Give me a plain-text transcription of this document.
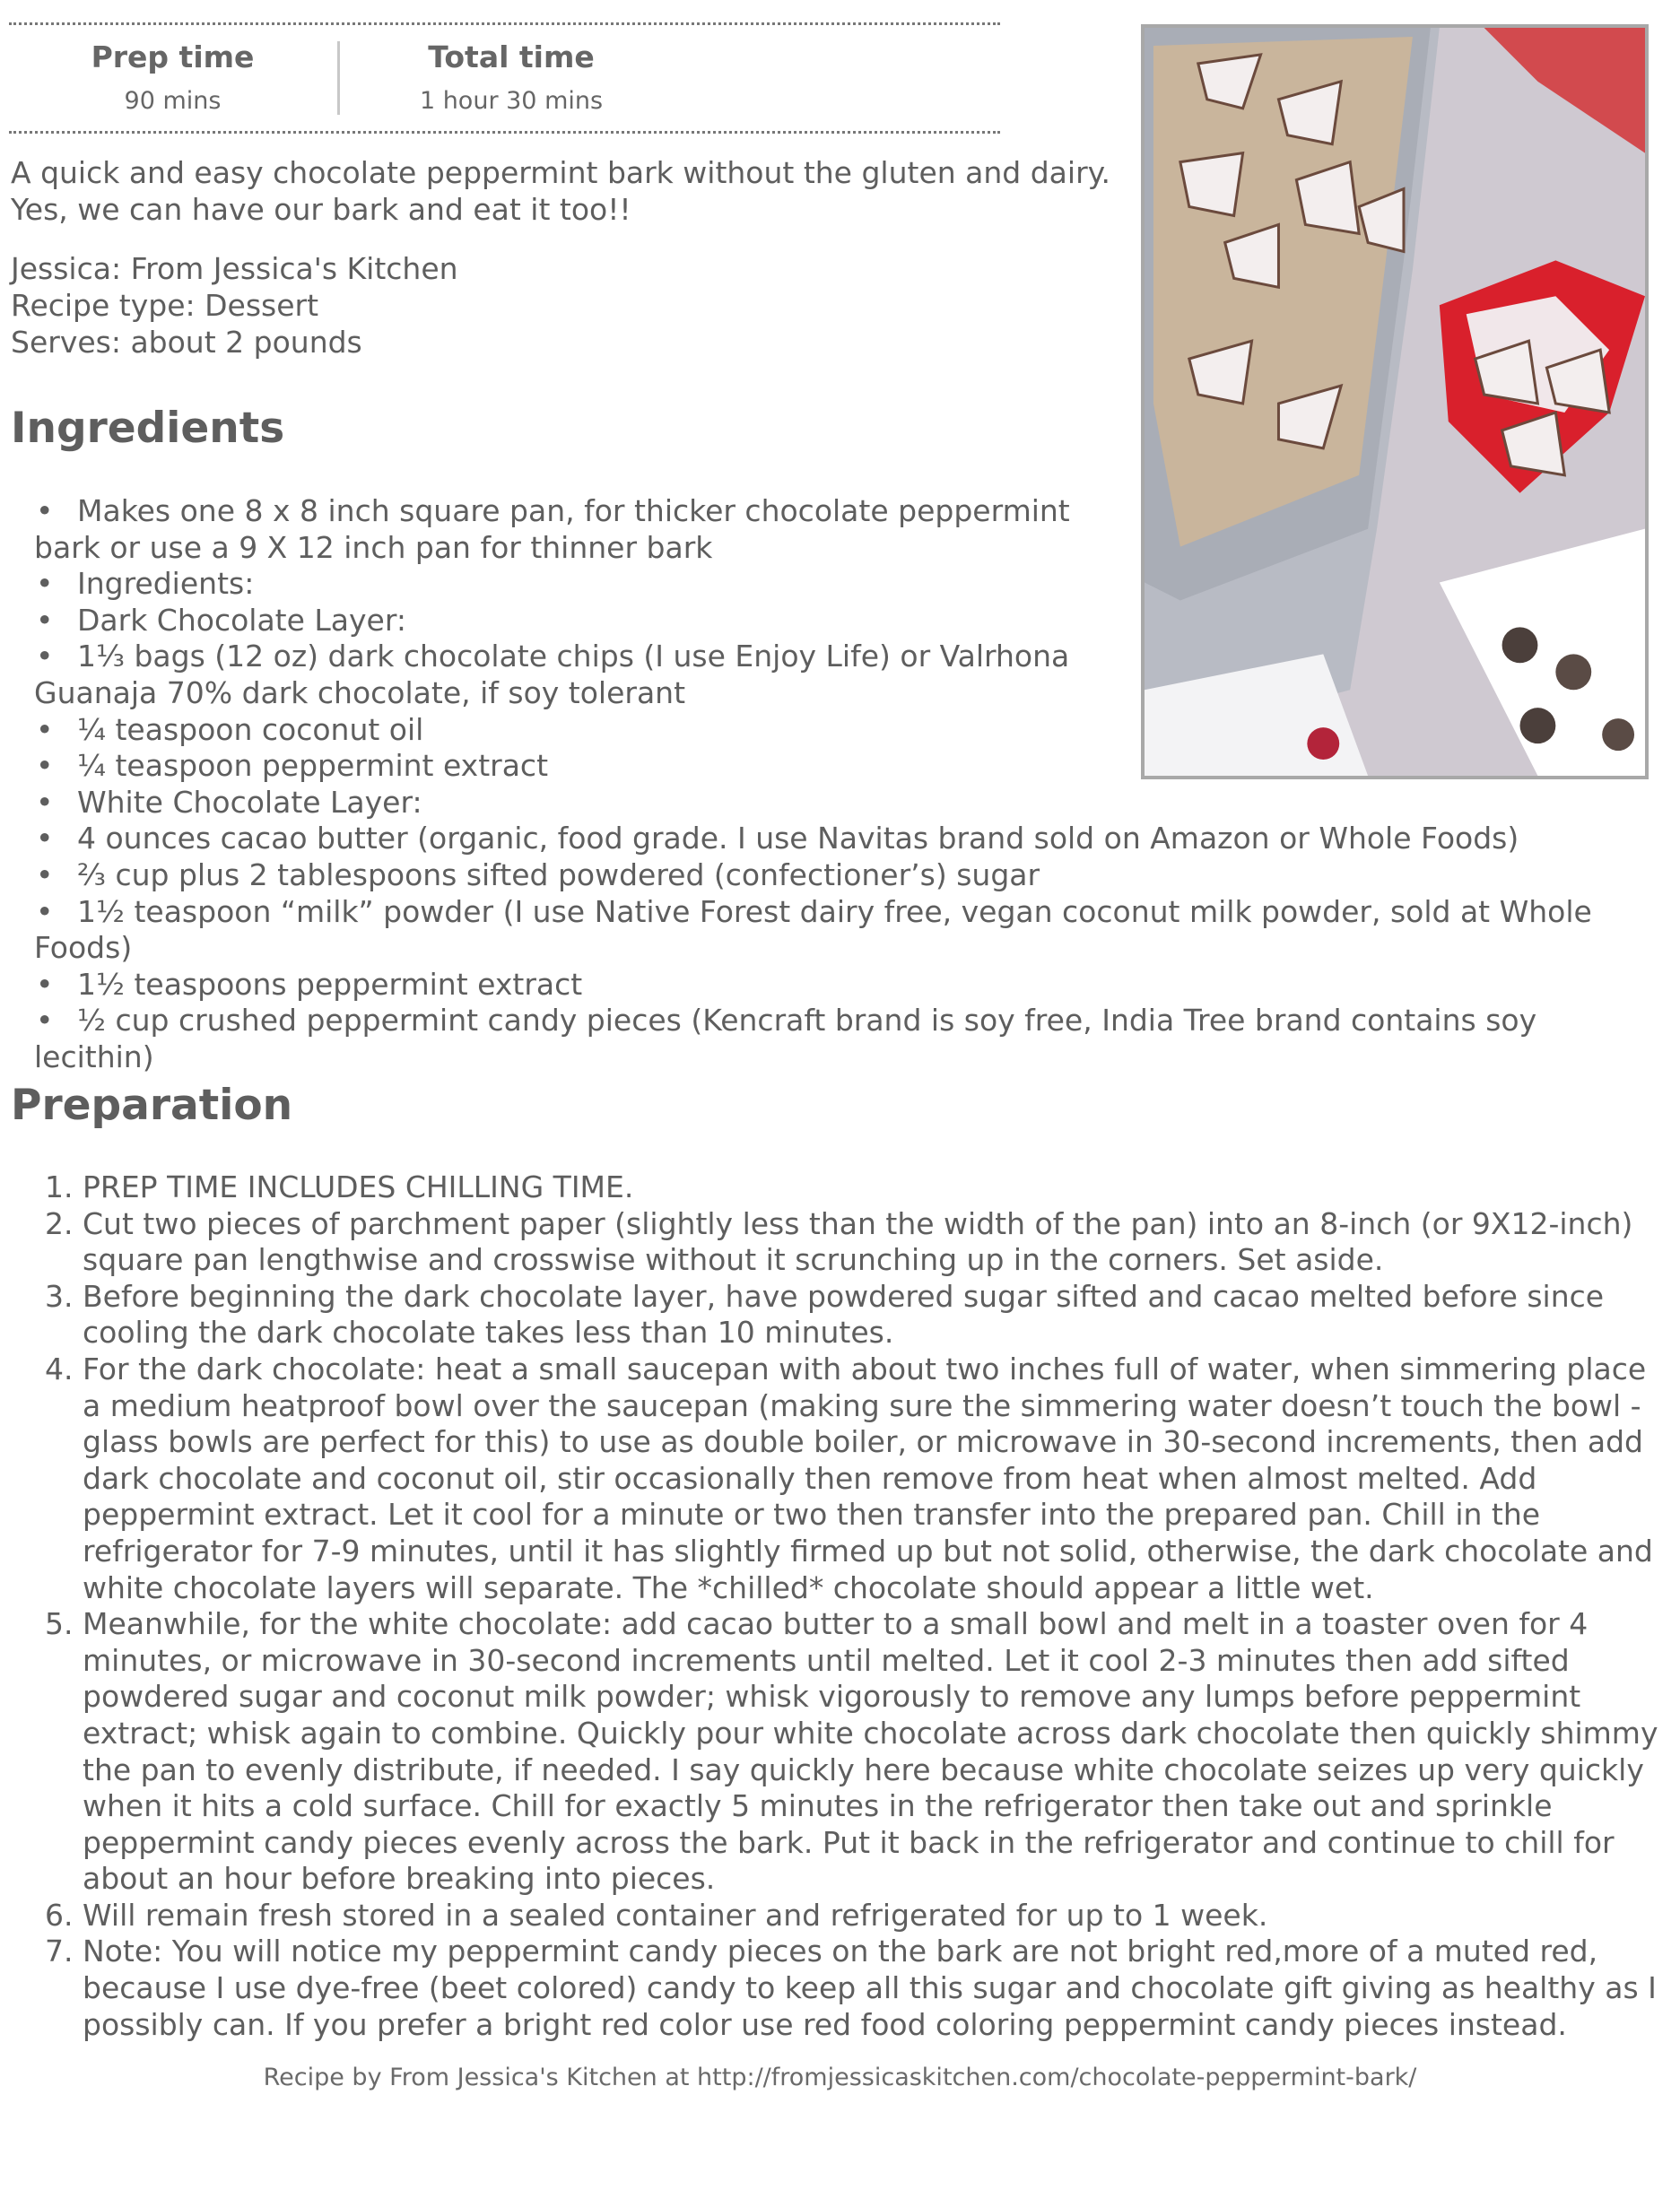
Prep time
90 mins
Total time
1 hour 30 mins
A quick and easy chocolate peppermint bark without the gluten and dairy. Yes, we can have our bark and eat it too!!
Jessica: From Jessica's Kitchen
Recipe type: Dessert
Serves: about 2 pounds
Ingredients
• Makes one 8 x 8 inch square pan, for thicker chocolate peppermint bark or use a 9 X 12 inch pan for thinner bark
• Ingredients:
• Dark Chocolate Layer:
• 1⅓ bags (12 oz) dark chocolate chips (I use Enjoy Life) or Valrhona Guanaja 70% dark chocolate, if soy tolerant
• ¼ teaspoon coconut oil
• ¼ teaspoon peppermint extract
• White Chocolate Layer:
• 4 ounces cacao butter (organic, food grade. I use Navitas brand sold on Amazon or Whole Foods)
• ⅔ cup plus 2 tablespoons sifted powdered (confectioner’s) sugar
• 1½ teaspoon “milk” powder (I use Native Forest dairy free, vegan coconut milk powder, sold at Whole Foods)
• 1½ teaspoons peppermint extract
• ½ cup crushed peppermint candy pieces (Kencraft brand is soy free, India Tree brand contains soy lecithin)
Preparation
1. PREP TIME INCLUDES CHILLING TIME.
2. Cut two pieces of parchment paper (slightly less than the width of the pan) into an 8-inch (or 9X12-inch) square pan lengthwise and crosswise without it scrunching up in the corners. Set aside.
3. Before beginning the dark chocolate layer, have powdered sugar sifted and cacao melted before since cooling the dark chocolate takes less than 10 minutes.
4. For the dark chocolate: heat a small saucepan with about two inches full of water, when simmering place a medium heatproof bowl over the saucepan (making sure the simmering water doesn’t touch the bowl - glass bowls are perfect for this) to use as double boiler, or microwave in 30-second increments, then add dark chocolate and coconut oil, stir occasionally then remove from heat when almost melted. Add peppermint extract. Let it cool for a minute or two then transfer into the prepared pan. Chill in the refrigerator for 7-9 minutes, until it has slightly firmed up but not solid, otherwise, the dark chocolate and white chocolate layers will separate. The *chilled* chocolate should appear a little wet.
5. Meanwhile, for the white chocolate: add cacao butter to a small bowl and melt in a toaster oven for 4 minutes, or microwave in 30-second increments until melted. Let it cool 2-3 minutes then add sifted powdered sugar and coconut milk powder; whisk vigorously to remove any lumps before peppermint extract; whisk again to combine. Quickly pour white chocolate across dark chocolate then quickly shimmy the pan to evenly distribute, if needed. I say quickly here because white chocolate seizes up very quickly when it hits a cold surface. Chill for exactly 5 minutes in the refrigerator then take out and sprinkle peppermint candy pieces evenly across the bark. Put it back in the refrigerator and continue to chill for about an hour before breaking into pieces.
6. Will remain fresh stored in a sealed container and refrigerated for up to 1 week.
7. Note: You will notice my peppermint candy pieces on the bark are not bright red,more of a muted red, because I use dye-free (beet colored) candy to keep all this sugar and chocolate gift giving as healthy as I possibly can. If you prefer a bright red color use red food coloring peppermint candy pieces instead.
Recipe by From Jessica's Kitchen at http://fromjessicaskitchen.com/chocolate-peppermint-bark/
